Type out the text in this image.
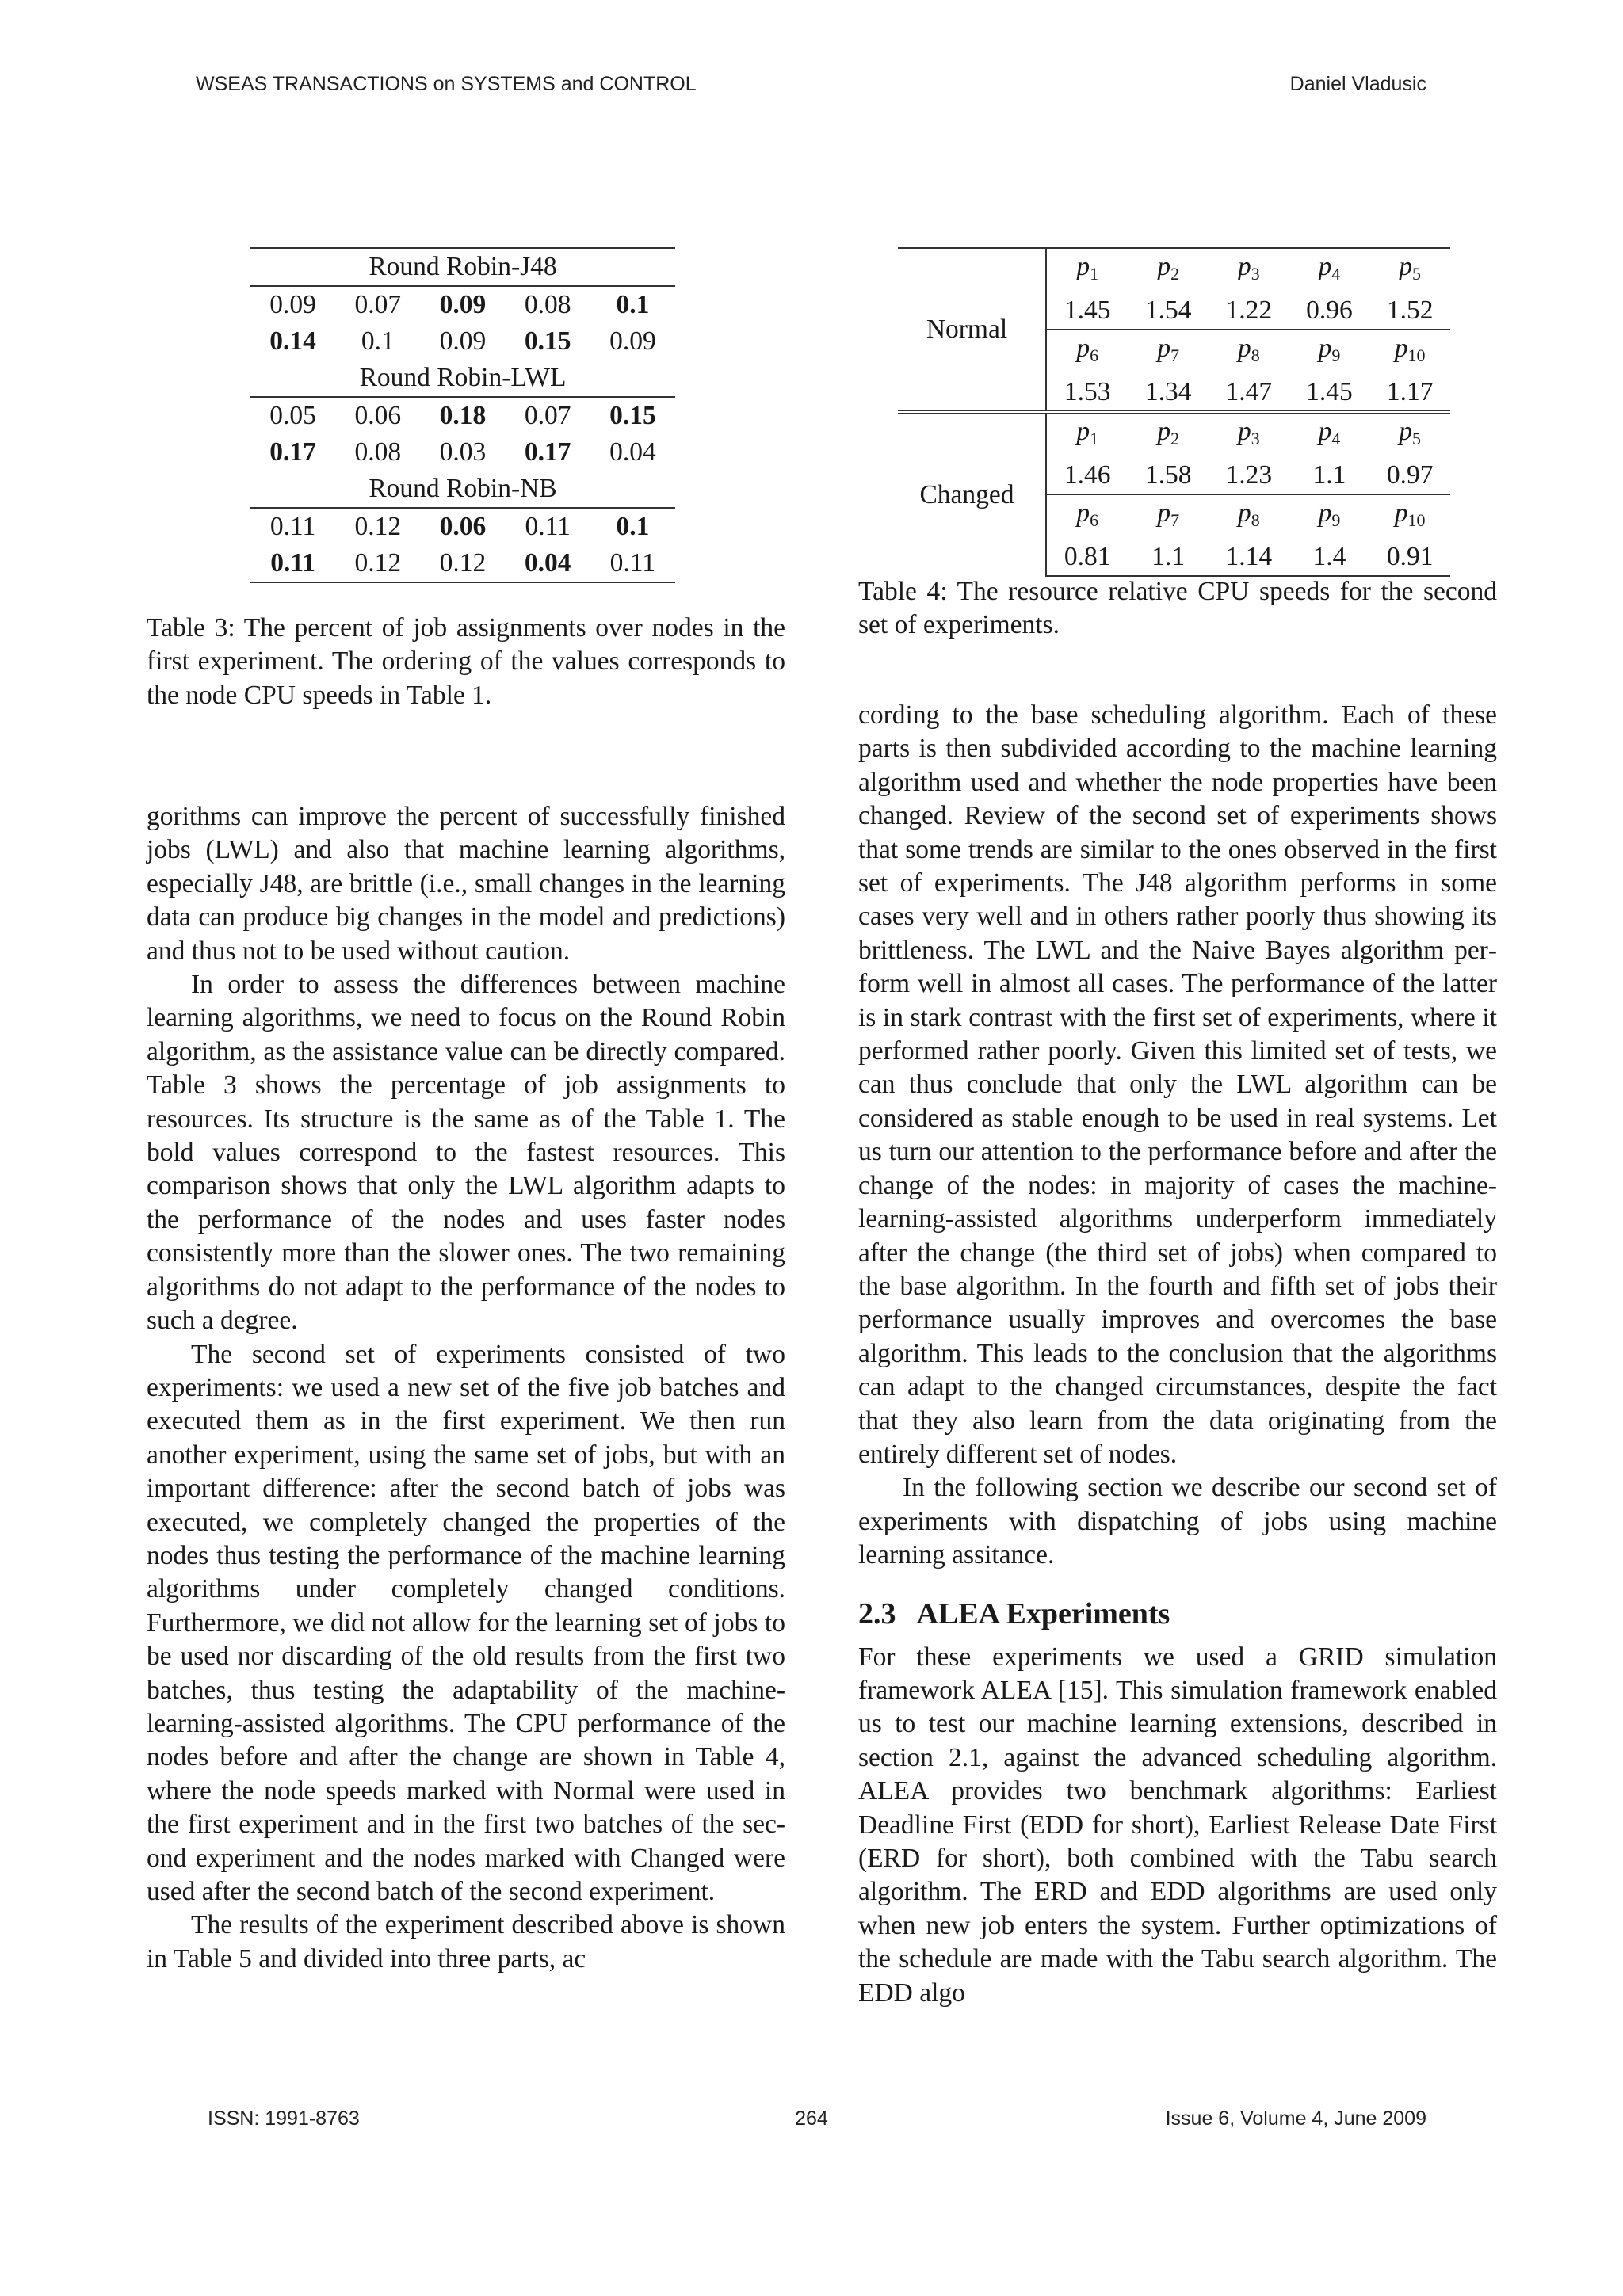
WSEAS TRANSACTIONS on SYSTEMS and CONTROL	Daniel Vladusic
Round Robin-J48				
0.09	0.07	0.09	0.08	0.1
0.14	0.1	0.09	0.15	0.09
Round Robin-LWL				
0.05	0.06	0.18	0.07	0.15
0.17	0.08	0.03	0.17	0.04
Round Robin-NB				
0.11	0.12	0.06	0.11	0.1
0.11	0.12	0.12	0.04	0.11
Table 3: The percent of job assignments over nodes in the first experiment. The ordering of the values corresponds to the node CPU speeds in Table 1.
Normal	$p_1$	$p_2$	$p_3$	$p_4$	$p_5$
	1.45	1.54	1.22	0.96	1.52
	$p_6$	$p_7$	$p_8$	$p_9$	$p_{10}$
	1.53	1.34	1.47	1.45	1.17
Changed	$p_1$	$p_2$	$p_3$	$p_4$	$p_5$
	1.46	1.58	1.23	1.1	0.97
	$p_6$	$p_7$	$p_8$	$p_9$	$p_{10}$
	0.81	1.1	1.14	1.4	0.91
Table 4: The resource relative CPU speeds for the second set of experiments.

gorithms can improve the percent of successfully finished jobs (LWL) and also that machine learning algorithms, especially J48, are brittle (i.e., small changes in the learning data can produce big changes in the model and predictions) and thus not to be used without caution.

In order to assess the differences between machine learning algorithms, we need to focus on the Round Robin algorithm, as the assistance value can be directly compared. Table 3 shows the percentage of job assignments to resources. Its structure is the same as of the Table 1. The bold values correspond to the fastest resources. This comparison shows that only the LWL algorithm adapts to the performance of the nodes and uses faster nodes consistently more than the slower ones. The two remaining algorithms do not adapt to the performance of the nodes to such a degree.

The second set of experiments consisted of two experiments: we used a new set of the five job batches and executed them as in the first experiment. We then run another experiment, using the same set of jobs, but with an important difference: after the second batch of jobs was executed, we completely changed the properties of the nodes thus testing the performance of the machine learning algorithms under completely changed conditions. Furthermore, we did not allow for the learning set of jobs to be used nor discarding of the old results from the first two batches, thus testing the adaptability of the machine-learning-assisted algorithms. The CPU performance of the nodes before and after the change are shown in Table 4, where the node speeds marked with Normal were used in the first experiment and in the first two batches of the second experiment and the nodes marked with Changed were used after the second batch of the second experiment.

The results of the experiment described above is shown in Table 5 and divided into three parts, ac

cording to the base scheduling algorithm. Each of these parts is then subdivided according to the machine learning algorithm used and whether the node properties have been changed. Review of the second set of experiments shows that some trends are similar to the ones observed in the first set of experiments. The J48 algorithm performs in some cases very well and in others rather poorly thus showing its brittleness. The LWL and the Naive Bayes algorithm perform well in almost all cases. The performance of the latter is in stark contrast with the first set of experiments, where it performed rather poorly. Given this limited set of tests, we can thus conclude that only the LWL algorithm can be considered as stable enough to be used in real systems. Let us turn our attention to the performance before and after the change of the nodes: in majority of cases the machine-learning-assisted algorithms underperform immediately after the change (the third set of jobs) when compared to the base algorithm. In the fourth and fifth set of jobs their performance usually improves and overcomes the base algorithm. This leads to the conclusion that the algorithms can adapt to the changed circumstances, despite the fact that they also learn from the data originating from the entirely different set of nodes.

In the following section we describe our second set of experiments with dispatching of jobs using machine learning assitance.

2.3 ALEA Experiments

For these experiments we used a GRID simulation framework ALEA [15]. This simulation framework enabled us to test our machine learning extensions, described in section 2.1, against the advanced scheduling algorithm. ALEA provides two benchmark algorithms: Earliest Deadline First (EDD for short), Earliest Release Date First (ERD for short), both combined with the Tabu search algorithm. The ERD and EDD algorithms are used only when new job enters the system. Further optimizations of the schedule are made with the Tabu search algorithm. The EDD algo

ISSN: 1991-8763	264	Issue 6, Volume 4, June 2009
